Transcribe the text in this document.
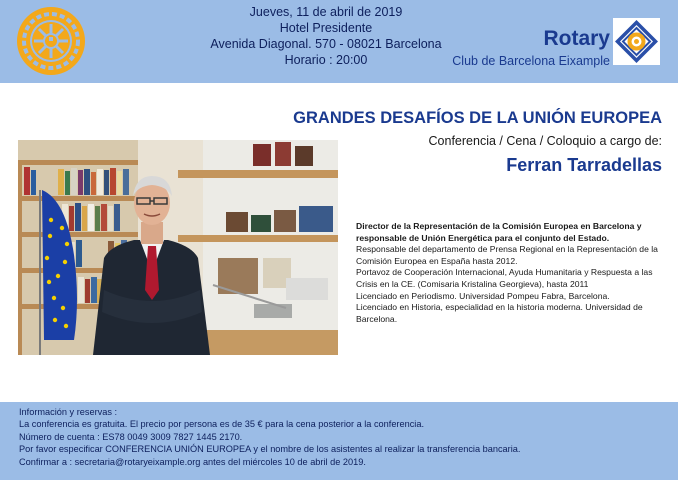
Jueves, 11 de abril de 2019
Hotel Presidente
Avenida Diagonal. 570 - 08021 Barcelona
Horario : 20:00
Rotary
Club de Barcelona Eixample
GRANDES DESAFÍOS DE LA UNIÓN EUROPEA
Conferencia / Cena / Coloquio a cargo de:
Ferran Tarradellas
Director de la Representación de la Comisión Europea en Barcelona y responsable de Unión Energética para el conjunto del Estado.
Responsable del departamento de Prensa Regional en la Representación de la Comisión Europea en España hasta 2012.
Portavoz de Cooperación Internacional, Ayuda Humanitaria y Respuesta a las Crisis en la CE. (Comisaria Kristalina Georgieva), hasta 2011
Licenciado en Periodismo. Universidad Pompeu Fabra, Barcelona.
Licenciado en Historia, especialidad en la historia moderna. Universidad de Barcelona.
Información y reservas :
La conferencia es gratuita. El precio por persona es de 35 € para la cena posterior a la conferencia.
Número de cuenta : ES78 0049 3009 7827 1445 2170.
Por favor especificar CONFERENCIA UNIÓN EUROPEA y el nombre de los asistentes al realizar la transferencia bancaria.
Confirmar a : secretaria@rotaryeixample.org antes del miércoles 10 de abril de 2019.
